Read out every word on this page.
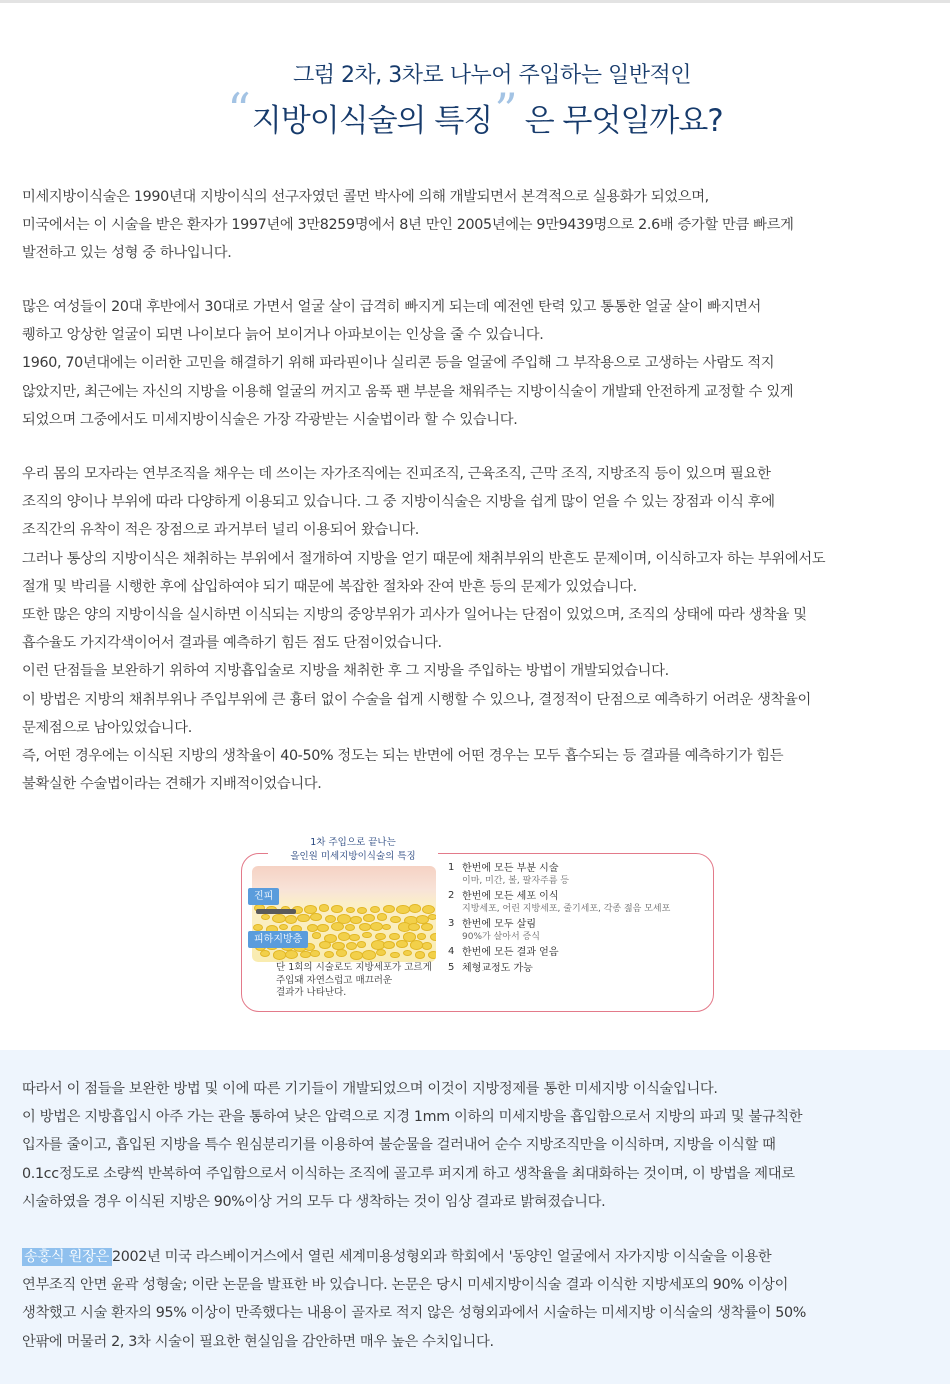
그럼 2차, 3차로 나누어 주입하는 일반적인
“ 지방이식술의 특징 ” 은 무엇일까요?

미세지방이식술은 1990년대 지방이식의 선구자였던 콜먼 박사에 의해 개발되면서 본격적으로 실용화가 되었으며,

미국에서는 이 시술을 받은 환자가 1997년에 3만8259명에서 8년 만인 2005년에는 9만9439명으로 2.6배 증가할 만큼 빠르게

발전하고 있는 성형 중 하나입니다.

많은 여성들이 20대 후반에서 30대로 가면서 얼굴 살이 급격히 빠지게 되는데 예전엔 탄력 있고 통통한 얼굴 살이 빠지면서

퀭하고 앙상한 얼굴이 되면 나이보다 늙어 보이거나 아파보이는 인상을 줄 수 있습니다.

1960, 70년대에는 이러한 고민을 해결하기 위해 파라핀이나 실리콘 등을 얼굴에 주입해 그 부작용으로 고생하는 사람도 적지

않았지만, 최근에는 자신의 지방을 이용해 얼굴의 꺼지고 움푹 팬 부분을 채워주는 지방이식술이 개발돼 안전하게 교정할 수 있게

되었으며 그중에서도 미세지방이식술은 가장 각광받는 시술법이라 할 수 있습니다.

우리 몸의 모자라는 연부조직을 채우는 데 쓰이는 자가조직에는 진피조직, 근육조직, 근막 조직, 지방조직 등이 있으며 필요한

조직의 양이나 부위에 따라 다양하게 이용되고 있습니다. 그 중 지방이식술은 지방을 쉽게 많이 얻을 수 있는 장점과 이식 후에

조직간의 유착이 적은 장점으로 과거부터 널리 이용되어 왔습니다.

그러나 통상의 지방이식은 채취하는 부위에서 절개하여 지방을 얻기 때문에 채취부위의 반흔도 문제이며, 이식하고자 하는 부위에서도

절개 및 박리를 시행한 후에 삽입하여야 되기 때문에 복잡한 절차와 잔여 반흔 등의 문제가 있었습니다.

또한 많은 양의 지방이식을 실시하면 이식되는 지방의 중앙부위가 괴사가 일어나는 단점이 있었으며, 조직의 상태에 따라 생착율 및

흡수율도 가지각색이어서 결과를 예측하기 힘든 점도 단점이었습니다.

이런 단점들을 보완하기 위하여 지방흡입술로 지방을 채취한 후 그 지방을 주입하는 방법이 개발되었습니다.

이 방법은 지방의 채취부위나 주입부위에 큰 흉터 없이 수술을 쉽게 시행할 수 있으나, 결정적이 단점으로 예측하기 어려운 생착율이

문제점으로 남아있었습니다.

즉, 어떤 경우에는 이식된 지방의 생착율이 40-50% 정도는 되는 반면에 어떤 경우는 모두 흡수되는 등 결과를 예측하기가 힘든

불확실한 수술법이라는 견해가 지배적이었습니다.

1차 주입으로 끝나는
올인원 미세지방이식술의 특징
진피
피하지방층
단 1회의 시술로도 지방세포가 고르게
주입돼 자연스럽고 매끄러운
결과가 나타난다.
1 한번에 모든 부분 시술
이마, 미간, 볼, 팔자주름 등
2 한번에 모든 세포 이식
지방세포, 어린 지방세포, 줄기세포, 각종 젊음 모세포
3 한번에 모두 살림
90%가 살아서 증식
4 한번에 모든 결과 얻음
5 체형교정도 가능

따라서 이 점들을 보완한 방법 및 이에 따른 기기들이 개발되었으며 이것이 지방정제를 통한 미세지방 이식술입니다.

이 방법은 지방흡입시 아주 가는 관을 통하여 낮은 압력으로 지경 1mm 이하의 미세지방을 흡입함으로서 지방의 파괴 및 불규칙한

입자를 줄이고, 흡입된 지방을 특수 원심분리기를 이용하여 불순물을 걸러내어 순수 지방조직만을 이식하며, 지방을 이식할 때

0.1cc정도로 소량씩 반복하여 주입함으로서 이식하는 조직에 골고루 퍼지게 하고 생착율을 최대화하는 것이며, 이 방법을 제대로

시술하였을 경우 이식된 지방은 90%이상 거의 모두 다 생착하는 것이 임상 결과로 밝혀졌습니다.

송홍식 원장은 2002년 미국 라스베이거스에서 열린 세계미용성형외과 학회에서 '동양인 얼굴에서 자가지방 이식술을 이용한

연부조직 안면 윤곽 성형술; 이란 논문을 발표한 바 있습니다. 논문은 당시 미세지방이식술 결과 이식한 지방세포의 90% 이상이

생착했고 시술 환자의 95% 이상이 만족했다는 내용이 골자로 적지 않은 성형외과에서 시술하는 미세지방 이식술의 생착률이 50%

안팎에 머물러 2, 3차 시술이 필요한 현실임을 감안하면 매우 높은 수치입니다.
